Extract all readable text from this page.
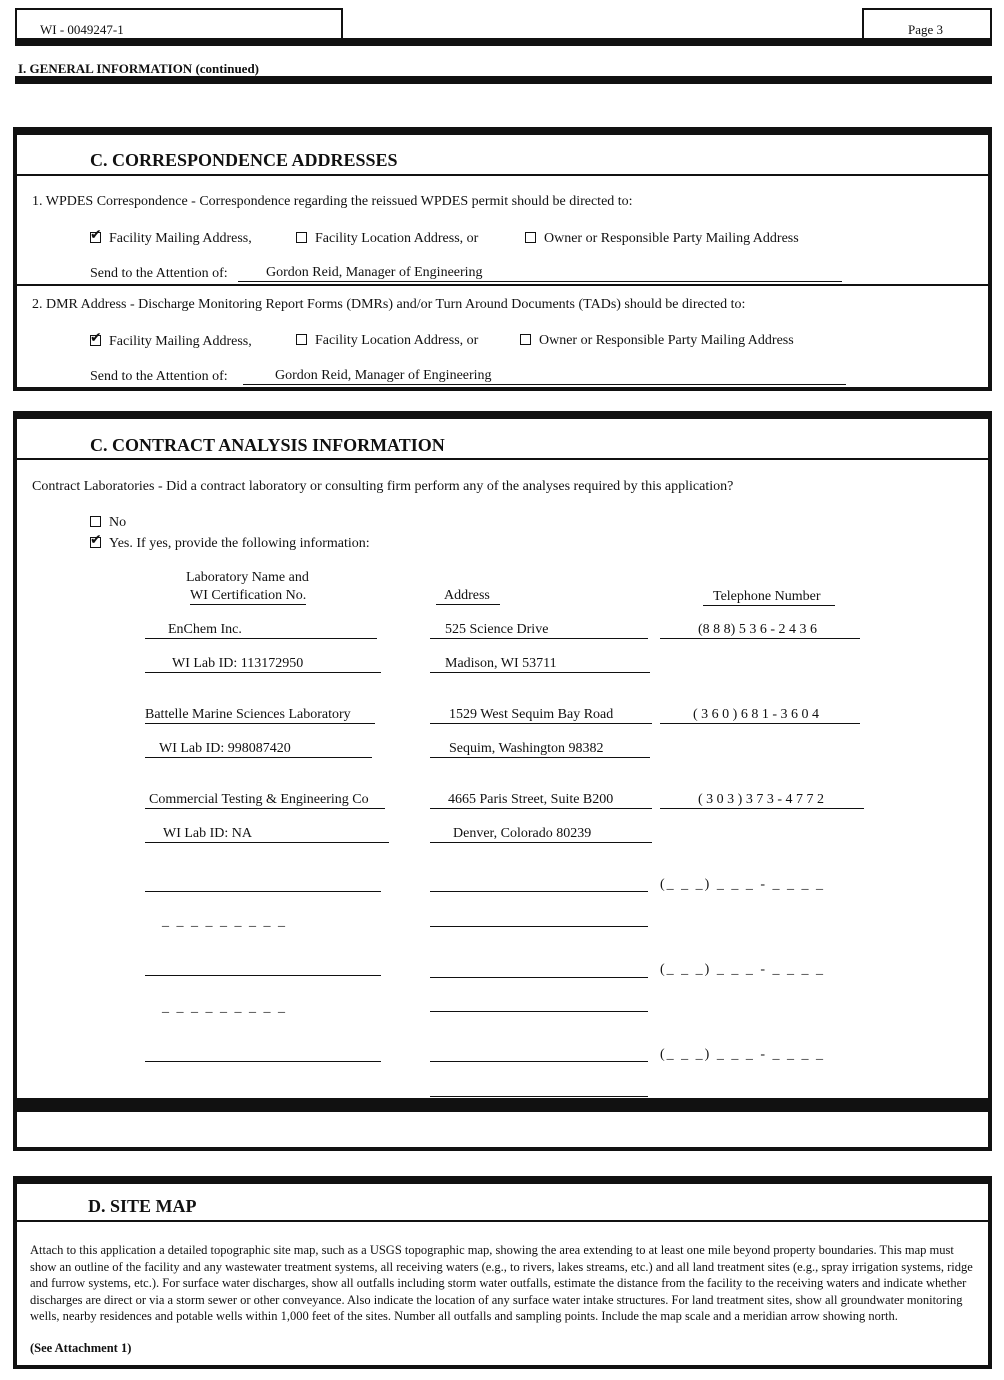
WI - 0049247-1	Page 3
I. GENERAL INFORMATION (continued)
C. CORRESPONDENCE ADDRESSES
1. WPDES Correspondence - Correspondence regarding the reissued WPDES permit should be directed to:
✔Facility Mailing Address,	Facility Location Address, or	Owner or Responsible Party Mailing Address
Send to the Attention of:	Gordon Reid, Manager of Engineering
2. DMR Address - Discharge Monitoring Report Forms (DMRs) and/or Turn Around Documents (TADs) should be directed to:
✔Facility Mailing Address,	Facility Location Address, or	Owner or Responsible Party Mailing Address
Send to the Attention of:	Gordon Reid, Manager of Engineering
C. CONTRACT ANALYSIS INFORMATION
Contract Laboratories - Did a contract laboratory or consulting firm perform any of the analyses required by this application?
No
✔Yes. If yes, provide the following information:
Laboratory Name and
WI Certification No.	Address	Telephone Number
EnChem Inc.	525 Science Drive	(8 8 8) 5 3 6 - 2 4 3 6
WI Lab ID: 113172950	Madison, WI 53711
Battelle Marine Sciences Laboratory	1529 West Sequim Bay Road	( 3 6 0 ) 6 8 1 - 3 6 0 4
WI Lab ID: 998087420	Sequim, Washington 98382
Commercial Testing & Engineering Co	4665 Paris Street, Suite B200	( 3 0 3 ) 3 7 3 - 4 7 7 2
WI Lab ID: NA	Denver, Colorado 80239
(_ _ _) _ _ _ - _ _ _ _
_ _ _ _ _ _ _ _ _
(_ _ _) _ _ _ - _ _ _ _
_ _ _ _ _ _ _ _ _
(_ _ _) _ _ _ - _ _ _ _
D. SITE MAP
Attach to this application a detailed topographic site map, such as a USGS topographic map, showing the area extending to at least one mile beyond property boundaries. This map must show an outline of the facility and any wastewater treatment systems, all receiving waters (e.g., to rivers, lakes streams, etc.) and all land treatment sites (e.g., spray irrigation systems, ridge and furrow systems, etc.). For surface water discharges, show all outfalls including storm water outfalls, estimate the distance from the facility to the receiving waters and indicate whether discharges are direct or via a storm sewer or other conveyance. Also indicate the location of any surface water intake structures. For land treatment sites, show all groundwater monitoring wells, nearby residences and potable wells within 1,000 feet of the sites. Number all outfalls and sampling points. Include the map scale and a meridian arrow showing north.
(See Attachment 1)
